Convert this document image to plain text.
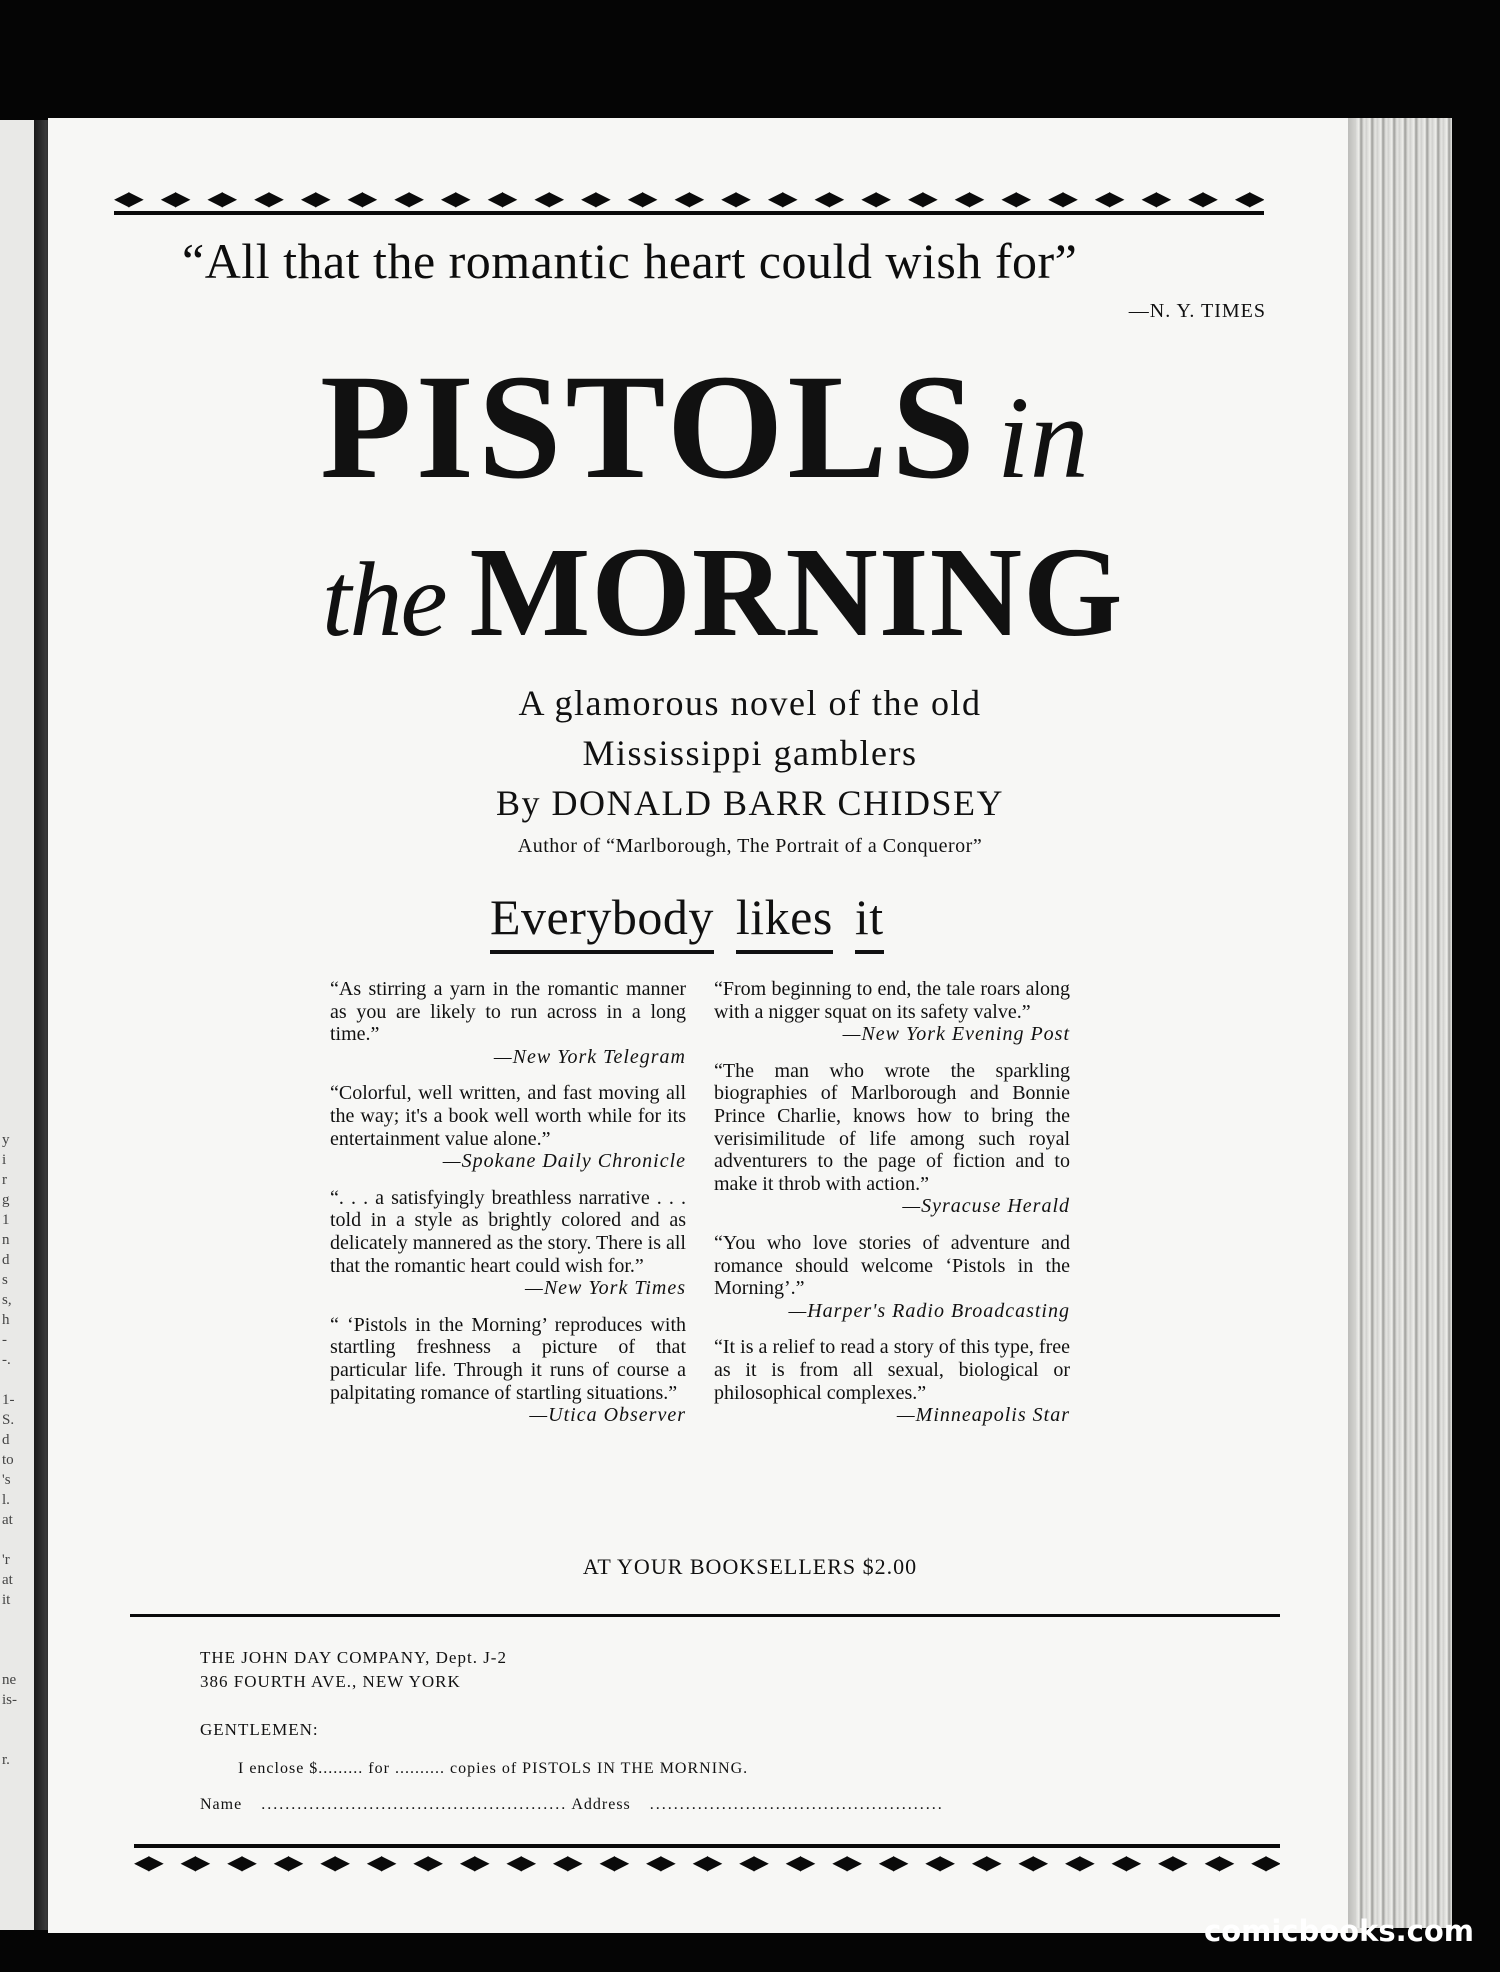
y
i
r
g
1
n
d
s
s,
h
-
-.

1-
S.
d
to
's
l.
at

'r
at
it

ne
is-

r.
◀▶ ◀▶ ◀▶ ◀▶ ◀▶ ◀▶ ◀▶ ◀▶ ◀▶ ◀▶ ◀▶ ◀▶ ◀▶ ◀▶ ◀▶ ◀▶ ◀▶ ◀▶ ◀▶ ◀▶ ◀▶ ◀▶ ◀▶ ◀▶ ◀▶
“All that the romantic heart could wish for”
—N. Y. TIMES
PISTOLS in
the MORNING
A glamorous novel of the old
Mississippi gamblers
By DONALD BARR CHIDSEY
Author of “Marlborough, The Portrait of a Conqueror”
Everybody likes it
“As stirring a yarn in the romantic manner as you are likely to run across in a long time.”
—New York Telegram
“Colorful, well written, and fast moving all the way; it's a book well worth while for its entertainment value alone.”
—Spokane Daily Chronicle
“. . . a satisfyingly breathless narrative . . . told in a style as brightly colored and as delicately mannered as the story. There is all that the romantic heart could wish for.”
—New York Times
“ ‘Pistols in the Morning’ reproduces with startling freshness a picture of that particular life. Through it runs of course a palpitating romance of startling situations.”
—Utica Observer
“From beginning to end, the tale roars along with a nigger squat on its safety valve.”
—New York Evening Post
“The man who wrote the sparkling biographies of Marlborough and Bonnie Prince Charlie, knows how to bring the verisimilitude of life among such royal adventurers to the page of fiction and to make it throb with action.”
—Syracuse Herald
“You who love stories of adventure and romance should welcome ‘Pistols in the Morning’.”
—Harper's Radio Broadcasting
“It is a relief to read a story of this type, free as it is from all sexual, biological or philosophical complexes.”
—Minneapolis Star
AT YOUR BOOKSELLERS $2.00
THE JOHN DAY COMPANY, Dept. J-2
386 FOURTH AVE., NEW YORK
GENTLEMEN:
I enclose $......... for .......... copies of PISTOLS IN THE MORNING.
Name ................................................... Address .................................................
◀▶ ◀▶ ◀▶ ◀▶ ◀▶ ◀▶ ◀▶ ◀▶ ◀▶ ◀▶ ◀▶ ◀▶ ◀▶ ◀▶ ◀▶ ◀▶ ◀▶ ◀▶ ◀▶ ◀▶ ◀▶ ◀▶ ◀▶ ◀▶ ◀▶
comicbooks.com
